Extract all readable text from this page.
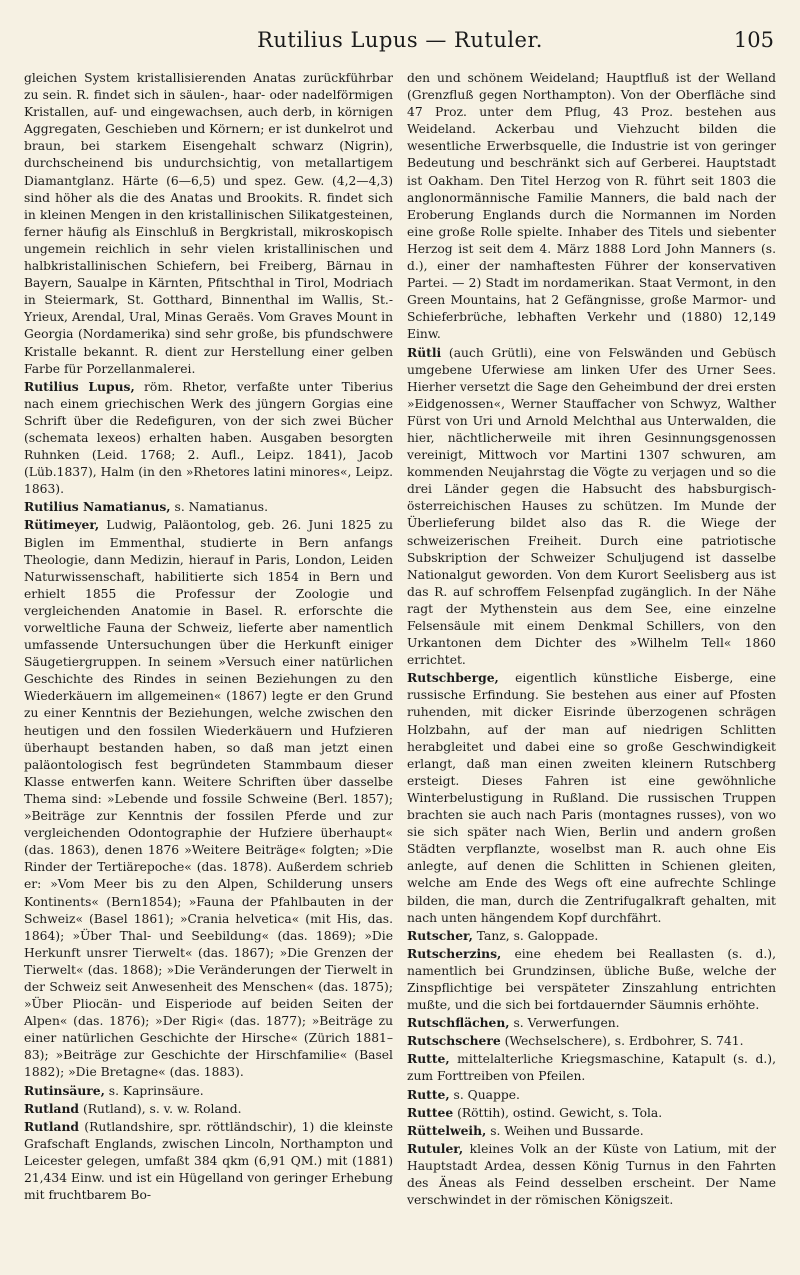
Rutilius Lupus — Rutuler.	105

gleichen System kristallisierenden Anatas zurückführbar zu sein. R. findet sich in säulen-, haar- oder nadelförmigen Kristallen, auf- und eingewachsen, auch derb, in körnigen Aggregaten, Geschieben und Körnern; er ist dunkelrot und braun, bei starkem Eisengehalt schwarz (Nigrin), durchscheinend bis undurchsichtig, von metallartigem Diamantglanz. Härte (6—6,5) und spez. Gew. (4,2—4,3) sind höher als die des Anatas und Brookits. R. findet sich in kleinen Mengen in den kristallinischen Silikatgesteinen, ferner häufig als Einschluß in Bergkristall, mikroskopisch ungemein reichlich in sehr vielen kristallinischen und halbkristallinischen Schiefern, bei Freiberg, Bärnau in Bayern, Saualpe in Kärnten, Pfitschthal in Tirol, Modriach in Steiermark, St. Gotthard, Binnenthal im Wallis, St.-Yrieux, Arendal, Ural, Minas Geraës. Vom Graves Mount in Georgia (Nordamerika) sind sehr große, bis pfundschwere Kristalle bekannt. R. dient zur Herstellung einer gelben Farbe für Porzellanmalerei.

Rutilius Lupus, röm. Rhetor, verfaßte unter Tiberius nach einem griechischen Werk des jüngern Gorgias eine Schrift über die Redefiguren, von der sich zwei Bücher (schemata lexeos) erhalten haben. Ausgaben besorgten Ruhnken (Leid. 1768; 2. Aufl., Leipz. 1841), Jacob (Lüb.1837), Halm (in den »Rhetores latini minores«, Leipz. 1863).

Rutilius Namatianus, s. Namatianus.

Rütimeyer, Ludwig, Paläontolog, geb. 26. Juni 1825 zu Biglen im Emmenthal, studierte in Bern anfangs Theologie, dann Medizin, hierauf in Paris, London, Leiden Naturwissenschaft, habilitierte sich 1854 in Bern und erhielt 1855 die Professur der Zoologie und vergleichenden Anatomie in Basel. R. erforschte die vorweltliche Fauna der Schweiz, lieferte aber namentlich umfassende Untersuchungen über die Herkunft einiger Säugetiergruppen. In seinem »Versuch einer natürlichen Geschichte des Rindes in seinen Beziehungen zu den Wiederkäuern im allgemeinen« (1867) legte er den Grund zu einer Kenntnis der Beziehungen, welche zwischen den heutigen und den fossilen Wiederkäuern und Hufzieren überhaupt bestanden haben, so daß man jetzt einen paläontologisch fest begründeten Stammbaum dieser Klasse entwerfen kann. Weitere Schriften über dasselbe Thema sind: »Lebende und fossile Schweine (Berl. 1857); »Beiträge zur Kenntnis der fossilen Pferde und zur vergleichenden Odontographie der Hufziere überhaupt« (das. 1863), denen 1876 »Weitere Beiträge« folgten; »Die Rinder der Tertiärepoche« (das. 1878). Außerdem schrieb er: »Vom Meer bis zu den Alpen, Schilderung unsers Kontinents« (Bern1854); »Fauna der Pfahlbauten in der Schweiz« (Basel 1861); »Crania helvetica« (mit His, das. 1864); »Über Thal- und Seebildung« (das. 1869); »Die Herkunft unsrer Tierwelt« (das. 1867); »Die Grenzen der Tierwelt« (das. 1868); »Die Veränderungen der Tierwelt in der Schweiz seit Anwesenheit des Menschen« (das. 1875); »Über Pliocän- und Eisperiode auf beiden Seiten der Alpen« (das. 1876); »Der Rigi« (das. 1877); »Beiträge zu einer natürlichen Geschichte der Hirsche« (Zürich 1881–83); »Beiträge zur Geschichte der Hirschfamilie« (Basel 1882); »Die Bretagne« (das. 1883).

Rutinsäure, s. Kaprinsäure.

Rutland (Rutland), s. v. w. Roland.

Rutland (Rutlandshire, spr. röttländschir), 1) die kleinste Grafschaft Englands, zwischen Lincoln, Northampton und Leicester gelegen, umfaßt 384 qkm (6,91 QM.) mit (1881) 21,434 Einw. und ist ein Hügelland von geringer Erhebung mit fruchtbarem Bo-

den und schönem Weideland; Hauptfluß ist der Welland (Grenzfluß gegen Northampton). Von der Oberfläche sind 47 Proz. unter dem Pflug, 43 Proz. bestehen aus Weideland. Ackerbau und Viehzucht bilden die wesentliche Erwerbsquelle, die Industrie ist von geringer Bedeutung und beschränkt sich auf Gerberei. Hauptstadt ist Oakham. Den Titel Herzog von R. führt seit 1803 die anglonormännische Familie Manners, die bald nach der Eroberung Englands durch die Normannen im Norden eine große Rolle spielte. Inhaber des Titels und siebenter Herzog ist seit dem 4. März 1888 Lord John Manners (s. d.), einer der namhaftesten Führer der konservativen Partei. — 2) Stadt im nordamerikan. Staat Vermont, in den Green Mountains, hat 2 Gefängnisse, große Marmor- und Schieferbrüche, lebhaften Verkehr und (1880) 12,149 Einw.

Rütli (auch Grütli), eine von Felswänden und Gebüsch umgebene Uferwiese am linken Ufer des Urner Sees. Hierher versetzt die Sage den Geheimbund der drei ersten »Eidgenossen«, Werner Stauffacher von Schwyz, Walther Fürst von Uri und Arnold Melchthal aus Unterwalden, die hier, nächtlicherweile mit ihren Gesinnungsgenossen vereinigt, Mittwoch vor Martini 1307 schwuren, am kommenden Neujahrstag die Vögte zu verjagen und so die drei Länder gegen die Habsucht des habsburgisch-österreichischen Hauses zu schützen. Im Munde der Überlieferung bildet also das R. die Wiege der schweizerischen Freiheit. Durch eine patriotische Subskription der Schweizer Schuljugend ist dasselbe Nationalgut geworden. Von dem Kurort Seelisberg aus ist das R. auf schroffem Felsenpfad zugänglich. In der Nähe ragt der Mythenstein aus dem See, eine einzelne Felsensäule mit einem Denkmal Schillers, von den Urkantonen dem Dichter des »Wilhelm Tell« 1860 errichtet.

Rutschberge, eigentlich künstliche Eisberge, eine russische Erfindung. Sie bestehen aus einer auf Pfosten ruhenden, mit dicker Eisrinde überzogenen schrägen Holzbahn, auf der man auf niedrigen Schlitten herabgleitet und dabei eine so große Geschwindigkeit erlangt, daß man einen zweiten kleinern Rutschberg ersteigt. Dieses Fahren ist eine gewöhnliche Winterbelustigung in Rußland. Die russischen Truppen brachten sie auch nach Paris (montagnes russes), von wo sie sich später nach Wien, Berlin und andern großen Städten verpflanzte, woselbst man R. auch ohne Eis anlegte, auf denen die Schlitten in Schienen gleiten, welche am Ende des Wegs oft eine aufrechte Schlinge bilden, die man, durch die Zentrifugalkraft gehalten, mit nach unten hängendem Kopf durchfährt.

Rutscher, Tanz, s. Galoppade.

Rutscherzins, eine ehedem bei Reallasten (s. d.), namentlich bei Grundzinsen, übliche Buße, welche der Zinspflichtige bei verspäteter Zinszahlung entrichten mußte, und die sich bei fortdauernder Säumnis erhöhte.

Rutschflächen, s. Verwerfungen.

Rutschschere (Wechselschere), s. Erdbohrer, S. 741.

Rutte, mittelalterliche Kriegsmaschine, Katapult (s. d.), zum Forttreiben von Pfeilen.

Rutte, s. Quappe.

Ruttee (Röttih), ostind. Gewicht, s. Tola.

Rüttelweih, s. Weihen und Bussarde.

Rutuler, kleines Volk an der Küste von Latium, mit der Hauptstadt Ardea, dessen König Turnus in den Fahrten des Äneas als Feind desselben erscheint. Der Name verschwindet in der römischen Königszeit.
